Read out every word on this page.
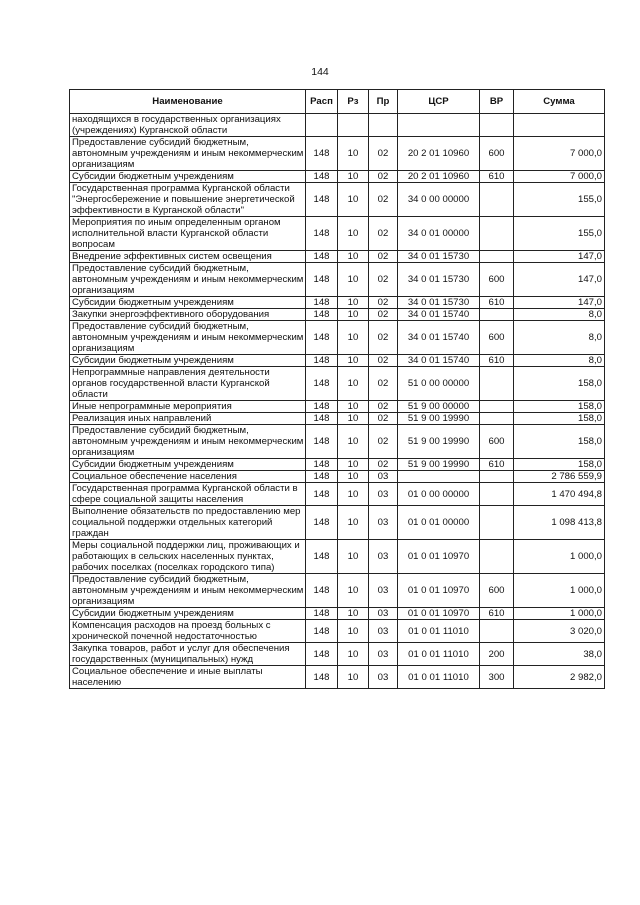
144
Наименование	Расп	Рз	Пр	ЦСР	ВР	Сумма
находящихся в государственных организациях (учреждениях) Курганской области						
Предоставление субсидий бюджетным, автономным учреждениям и иным некоммерческим организациям	148	10	02	20 2 01 10960	600	7 000,0
Субсидии бюджетным учреждениям	148	10	02	20 2 01 10960	610	7 000,0
Государственная программа Курганской области "Энергосбережение и повышение энергетической эффективности в Курганской области"	148	10	02	34 0 00 00000		155,0
Мероприятия по иным определенным органом исполнительной власти Курганской области вопросам	148	10	02	34 0 01 00000		155,0
Внедрение эффективных систем освещения	148	10	02	34 0 01 15730		147,0
Предоставление субсидий бюджетным, автономным учреждениям и иным некоммерческим организациям	148	10	02	34 0 01 15730	600	147,0
Субсидии бюджетным учреждениям	148	10	02	34 0 01 15730	610	147,0
Закупки энергоэффективного оборудования	148	10	02	34 0 01 15740		8,0
Предоставление субсидий бюджетным, автономным учреждениям и иным некоммерческим организациям	148	10	02	34 0 01 15740	600	8,0
Субсидии бюджетным учреждениям	148	10	02	34 0 01 15740	610	8,0
Непрограммные направления деятельности органов государственной власти Курганской области	148	10	02	51 0 00 00000		158,0
Иные непрограммные мероприятия	148	10	02	51 9 00 00000		158,0
Реализация иных направлений	148	10	02	51 9 00 19990		158,0
Предоставление субсидий бюджетным, автономным учреждениям и иным некоммерческим организациям	148	10	02	51 9 00 19990	600	158,0
Субсидии бюджетным учреждениям	148	10	02	51 9 00 19990	610	158,0
Социальное обеспечение населения	148	10	03			2 786 559,9
Государственная программа Курганской области в сфере социальной защиты населения	148	10	03	01 0 00 00000		1 470 494,8
Выполнение обязательств по предоставлению мер социальной поддержки отдельных категорий граждан	148	10	03	01 0 01 00000		1 098 413,8
Меры социальной поддержки лиц, проживающих и работающих в сельских населенных пунктах, рабочих поселках (поселках городского типа)	148	10	03	01 0 01 10970		1 000,0
Предоставление субсидий бюджетным, автономным учреждениям и иным некоммерческим организациям	148	10	03	01 0 01 10970	600	1 000,0
Субсидии бюджетным учреждениям	148	10	03	01 0 01 10970	610	1 000,0
Компенсация расходов на проезд больных с хронической почечной недостаточностью	148	10	03	01 0 01 11010		3 020,0
Закупка товаров, работ и услуг для обеспечения государственных (муниципальных) нужд	148	10	03	01 0 01 11010	200	38,0
Социальное обеспечение и иные выплаты населению	148	10	03	01 0 01 11010	300	2 982,0
